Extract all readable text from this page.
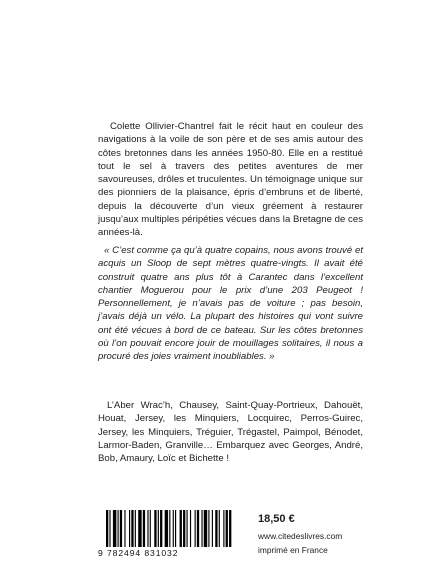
Colette Ollivier-Chantrel fait le récit haut en couleur des navigations à la voile de son père et de ses amis autour des côtes bretonnes dans les années 1950-80. Elle en a restitué tout le sel à travers des petites aventures de mer savoureuses, drôles et truculentes. Un témoignage unique sur des pionniers de la plaisance, épris d’embruns et de liberté, depuis la découverte d’un vieux gréement à restaurer jusqu’aux multiples péripéties vécues dans la Bretagne de ces années-là.
« C’est comme ça qu’à quatre copains, nous avons trouvé et acquis un Sloop de sept mètres quatre-vingts. Il avait été construit quatre ans plus tôt à Carantec dans l’excellent chantier Moguerou pour le prix d’une 203 Peugeot ! Personnellement, je n’avais pas de voiture ; pas besoin, j’avais déjà un vélo. La plupart des histoires qui vont suivre ont été vécues à bord de ce bateau. Sur les côtes bretonnes où l’on pouvait encore jouir de mouillages solitaires, il nous a procuré des joies vraiment inoubliables. »
L’Aber Wrac’h, Chausey, Saint-Quay-Portrieux, Dahouët, Houat, Jersey, les Minquiers, Locquirec, Perros-Guirec, Jersey, les Minquiers, Tréguier, Trégastel, Paimpol, Bénodet, Larmor-Baden, Granville… Embarquez avec Georges, André, Bob, Amaury, Loïc et Bichette !
9 782494 831032
18,50 €
www.citedeslivres.com
imprimé en France
